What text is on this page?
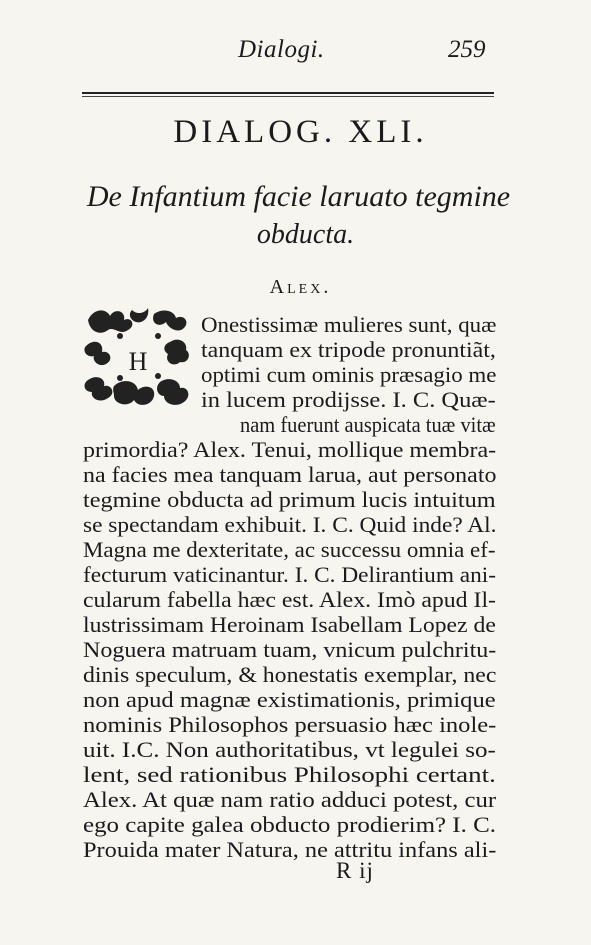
Dialogi.	259
DIALOG. XLI.
De Infantium facie laruato tegmine
obducta.
Alex.
H
Onestissimæ mulieres sunt, quæ
tanquam ex tripode pronuntiãt,
optimi cum ominis præsagio me
in lucem prodijsse. I. C. Quæ-
nam fuerunt auspicata tuæ vitæ
primordia? Alex. Tenui, mollique membra-
na facies mea tanquam larua, aut personato
tegmine obducta ad primum lucis intuitum
se spectandam exhibuit. I. C. Quid inde? Al.
Magna me dexteritate, ac successu omnia ef-
fecturum vaticinantur. I. C. Delirantium ani-
cularum fabella hæc est. Alex. Imò apud Il-
lustrissimam Heroinam Isabellam Lopez de
Noguera matruam tuam, vnicum pulchritu-
dinis speculum, & honestatis exemplar, nec
non apud magnæ existimationis, primique
nominis Philosophos persuasio hæc inole-
uit. I.C. Non authoritatibus, vt legulei so-
lent, sed rationibus Philosophi certant.
Alex. At quæ nam ratio adduci potest, cur
ego capite galea obducto prodierim? I. C.
Prouida mater Natura, ne attritu infans ali-
R ij
